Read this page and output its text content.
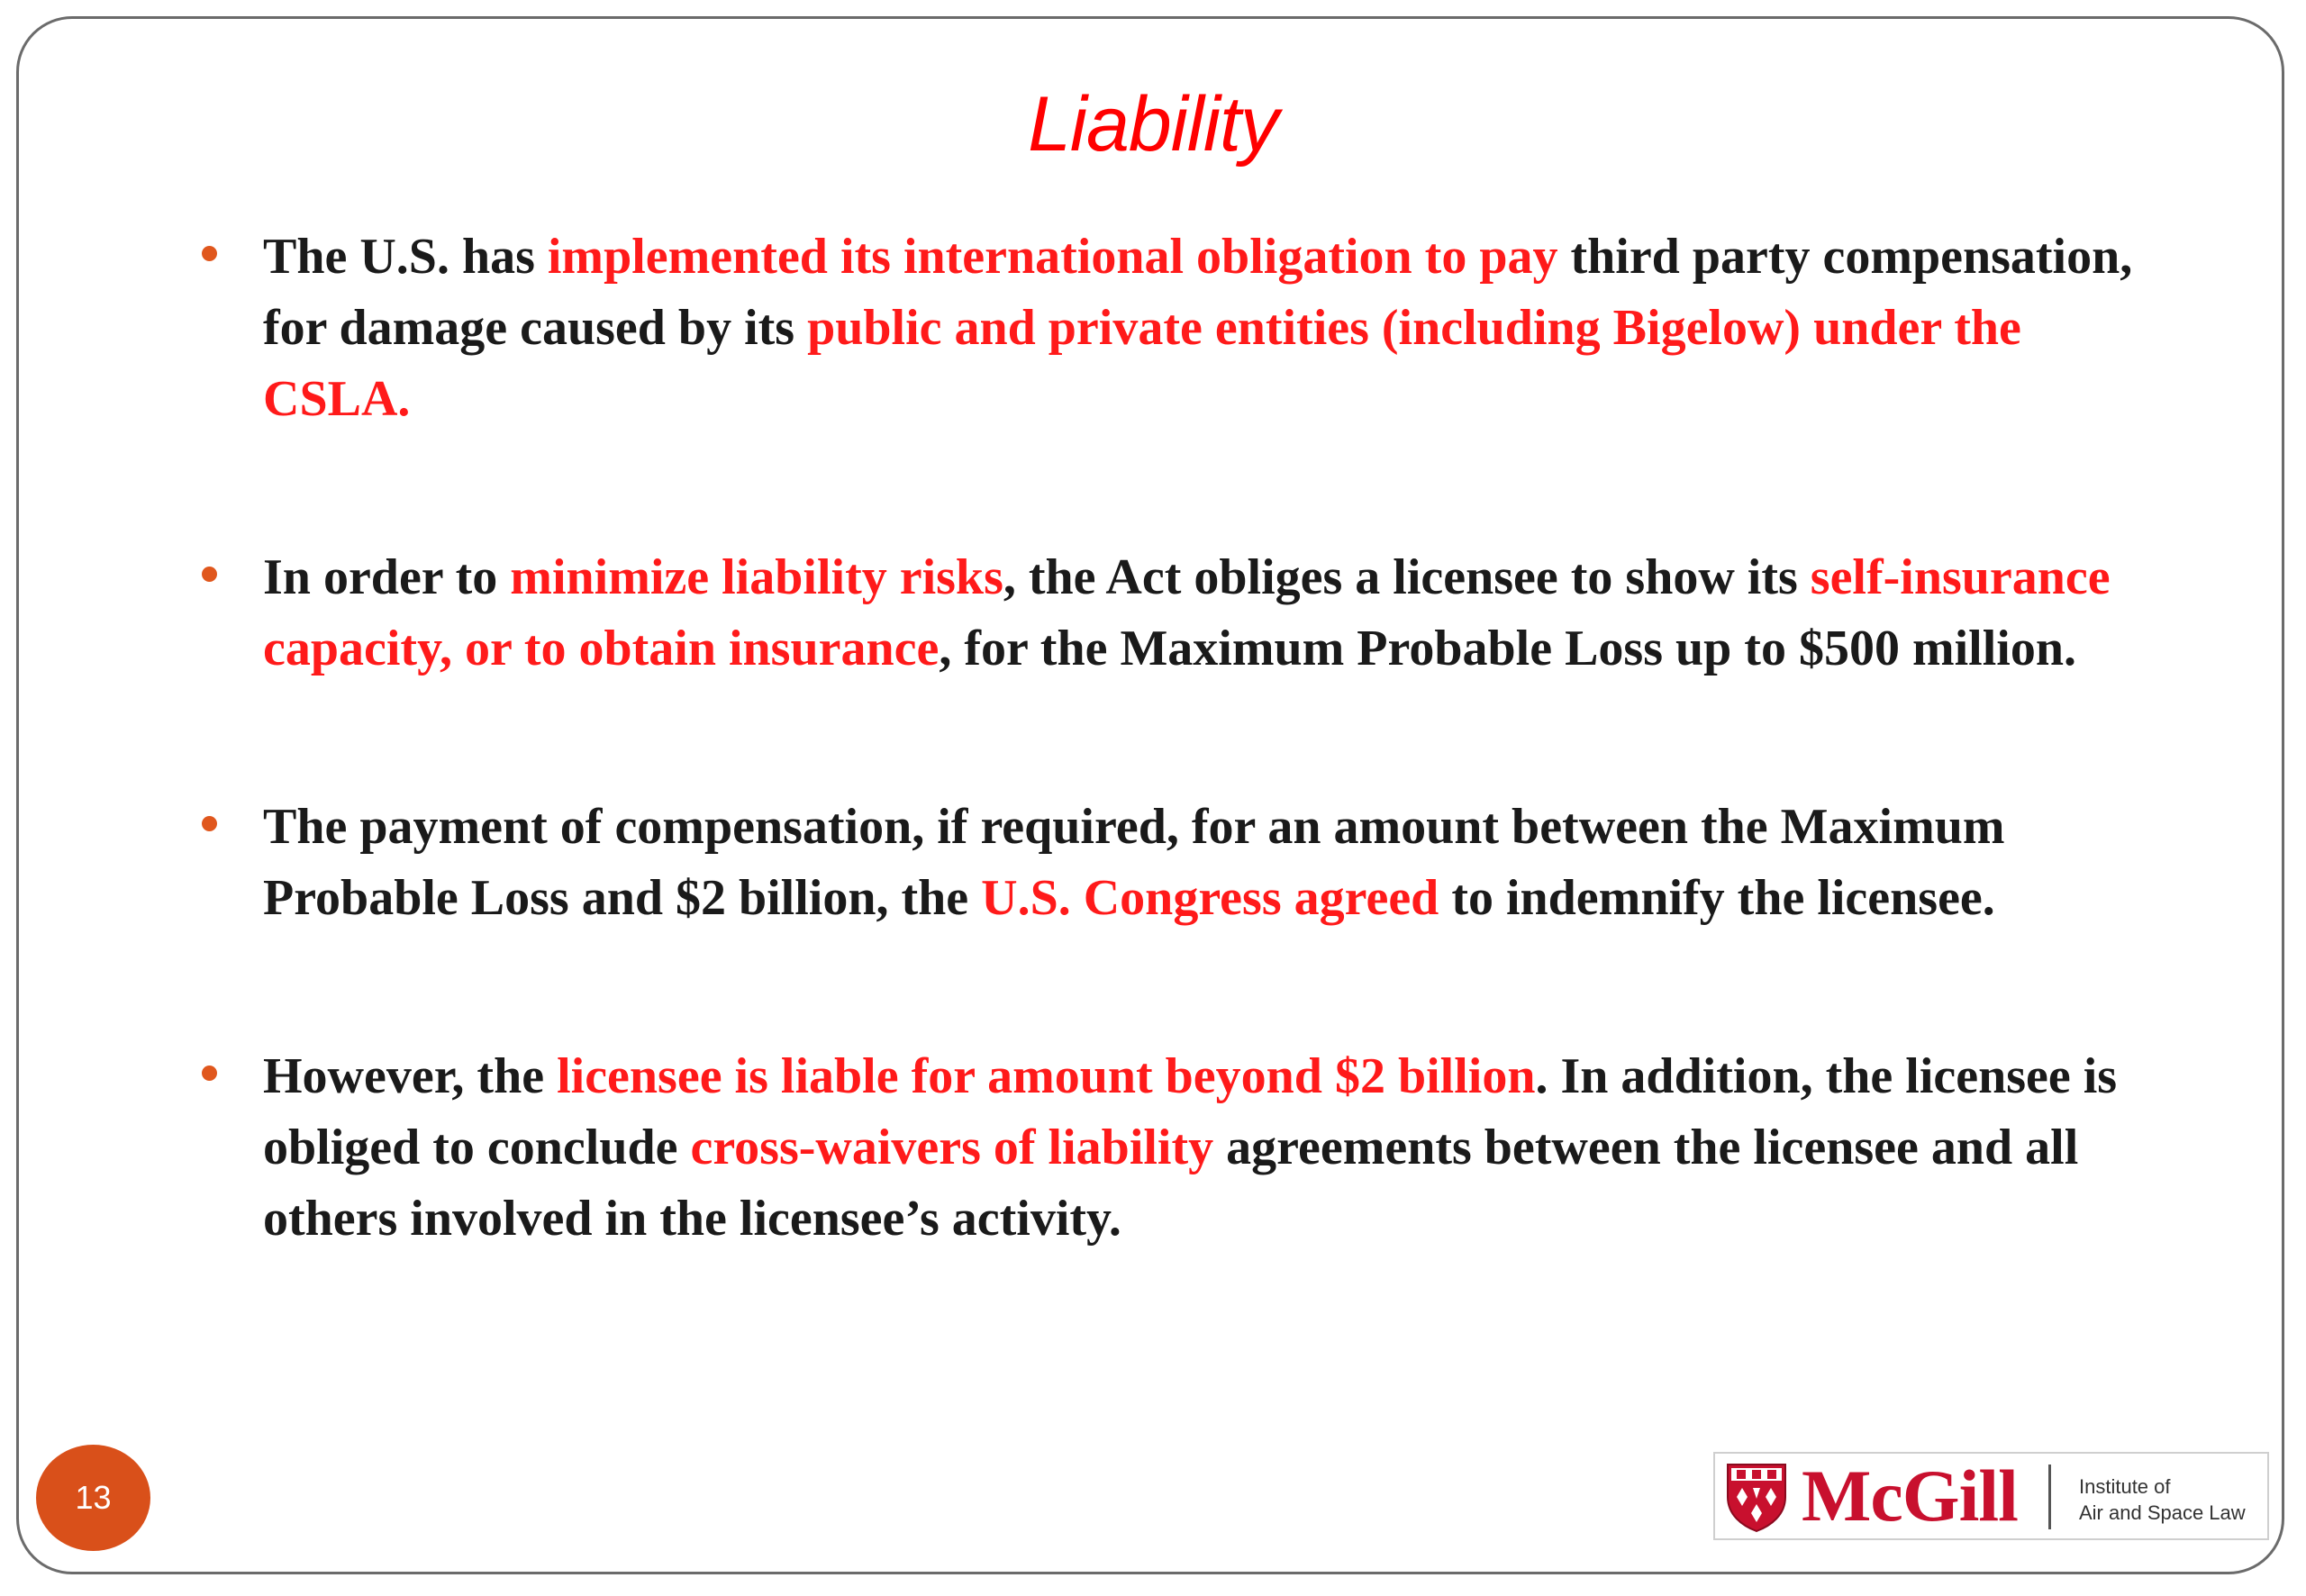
Liability
The U.S. has implemented its international obligation to pay third party compensation, for damage caused by its public and private entities (including Bigelow) under the CSLA.
In order to minimize liability risks, the Act obliges a licensee to show its self-insurance capacity, or to obtain insurance, for the Maximum Probable Loss up to $500 million.
The payment of compensation, if required, for an amount between the Maximum Probable Loss and $2 billion, the U.S. Congress agreed to indemnify the licensee.
However, the licensee is liable for amount beyond $2 billion. In addition, the licensee is obliged to conclude cross-waivers of liability agreements between the licensee and all others involved in the licensee’s activity.
13	McGill	Institute of
Air and Space Law
